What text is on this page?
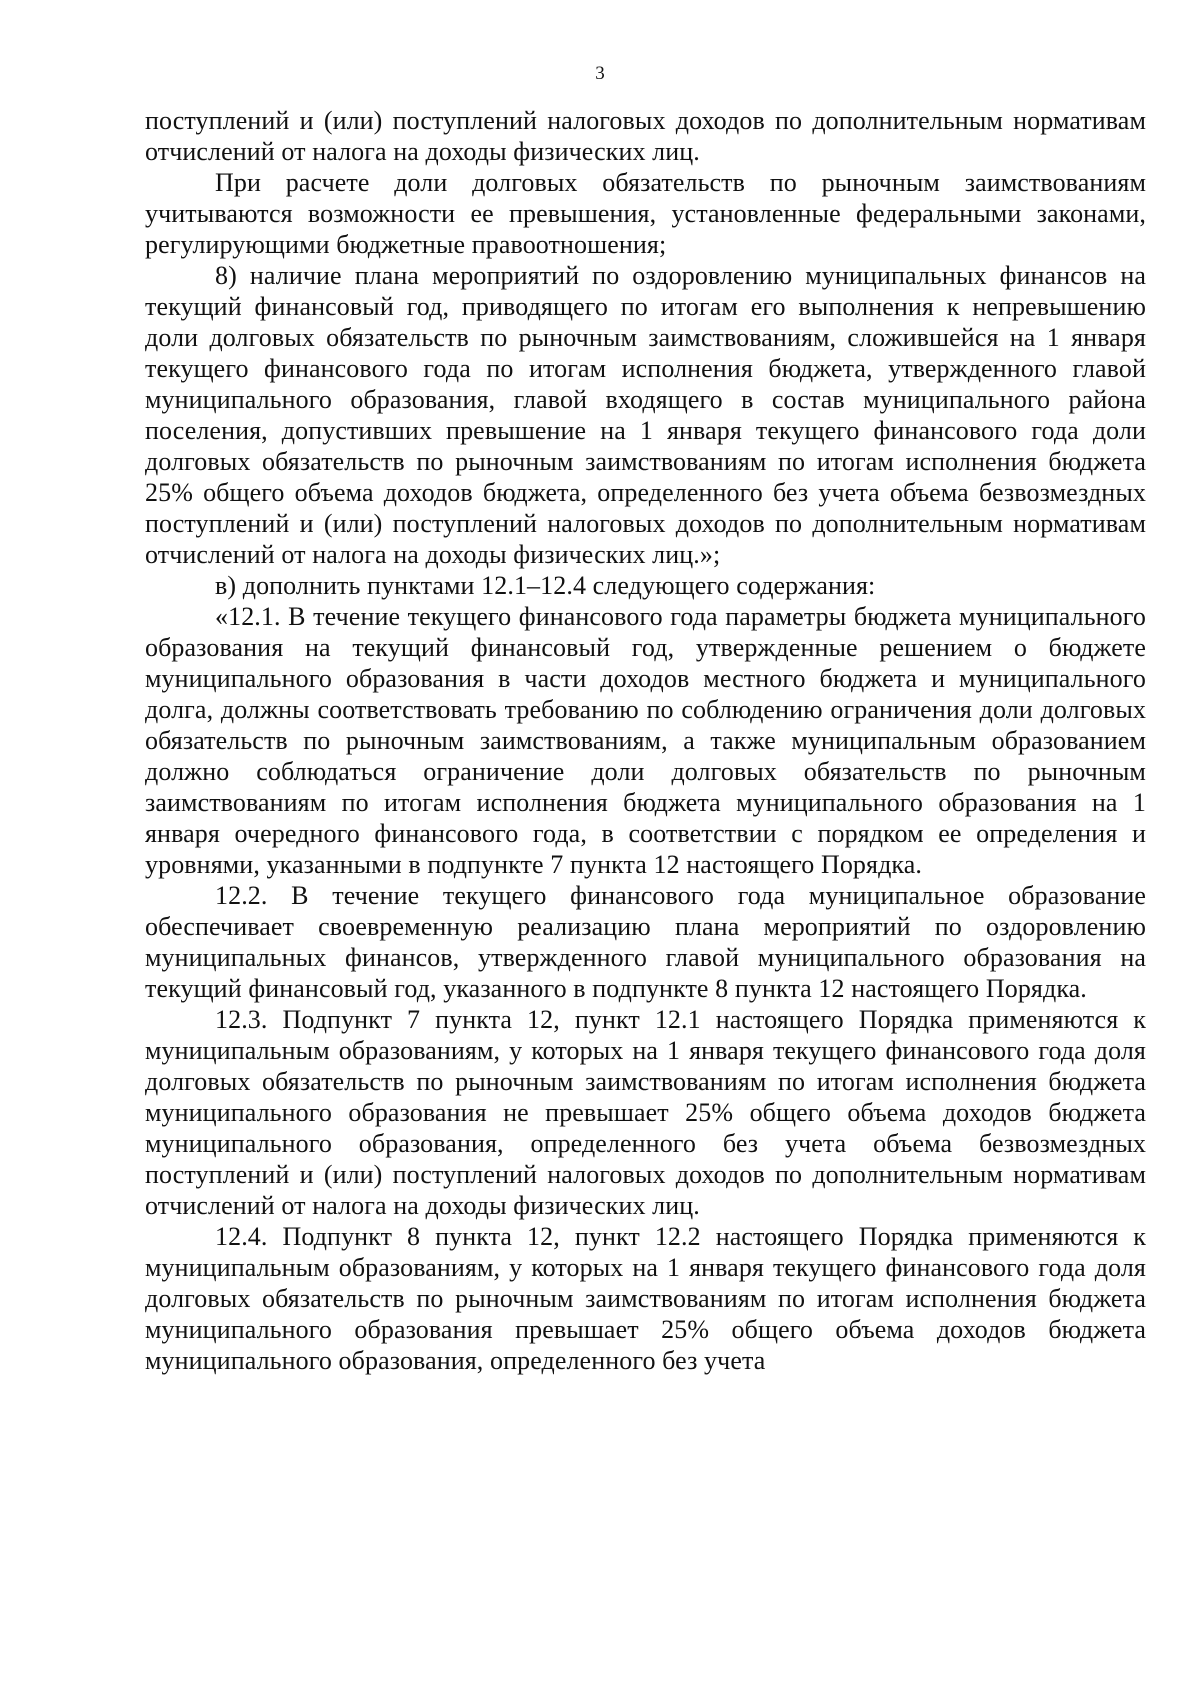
3

поступлений и (или) поступлений налоговых доходов по дополнительным нормативам отчислений от налога на доходы физических лиц.

При расчете доли долговых обязательств по рыночным заимствованиям учитываются возможности ее превышения, установленные федеральными законами, регулирующими бюджетные правоотношения;

8) наличие плана мероприятий по оздоровлению муниципальных финансов на текущий финансовый год, приводящего по итогам его выполнения к непревышению доли долговых обязательств по рыночным заимствованиям, сложившейся на 1 января текущего финансового года по итогам исполнения бюджета, утвержденного главой муниципального образования, главой входящего в состав муниципального района поселения, допустивших превышение на 1 января текущего финансового года доли долговых обязательств по рыночным заимствованиям по итогам исполнения бюджета 25% общего объема доходов бюджета, определенного без учета объема безвозмездных поступлений и (или) поступлений налоговых доходов по дополнительным нормативам отчислений от налога на доходы физических лиц.»;

в) дополнить пунктами 12.1–12.4 следующего содержания:

«12.1. В течение текущего финансового года параметры бюджета муниципального образования на текущий финансовый год, утвержденные решением о бюджете муниципального образования в части доходов местного бюджета и муниципального долга, должны соответствовать требованию по соблюдению ограничения доли долговых обязательств по рыночным заимствованиям, а также муниципальным образованием должно соблюдаться ограничение доли долговых обязательств по рыночным заимствованиям по итогам исполнения бюджета муниципального образования на 1 января очередного финансового года, в соответствии с порядком ее определения и уровнями, указанными в подпункте 7 пункта 12 настоящего Порядка.

12.2. В течение текущего финансового года муниципальное образование обеспечивает своевременную реализацию плана мероприятий по оздоровлению муниципальных финансов, утвержденного главой муниципального образования на текущий финансовый год, указанного в подпункте 8 пункта 12 настоящего Порядка.

12.3. Подпункт 7 пункта 12, пункт 12.1 настоящего Порядка применяются к муниципальным образованиям, у которых на 1 января текущего финансового года доля долговых обязательств по рыночным заимствованиям по итогам исполнения бюджета муниципального образования не превышает 25% общего объема доходов бюджета муниципального образования, определенного без учета объема безвозмездных поступлений и (или) поступлений налоговых доходов по дополнительным нормативам отчислений от налога на доходы физических лиц.

12.4. Подпункт 8 пункта 12, пункт 12.2 настоящего Порядка применяются к муниципальным образованиям, у которых на 1 января текущего финансового года доля долговых обязательств по рыночным заимствованиям по итогам исполнения бюджета муниципального образования превышает 25% общего объема доходов бюджета муниципального образования, определенного без учета
